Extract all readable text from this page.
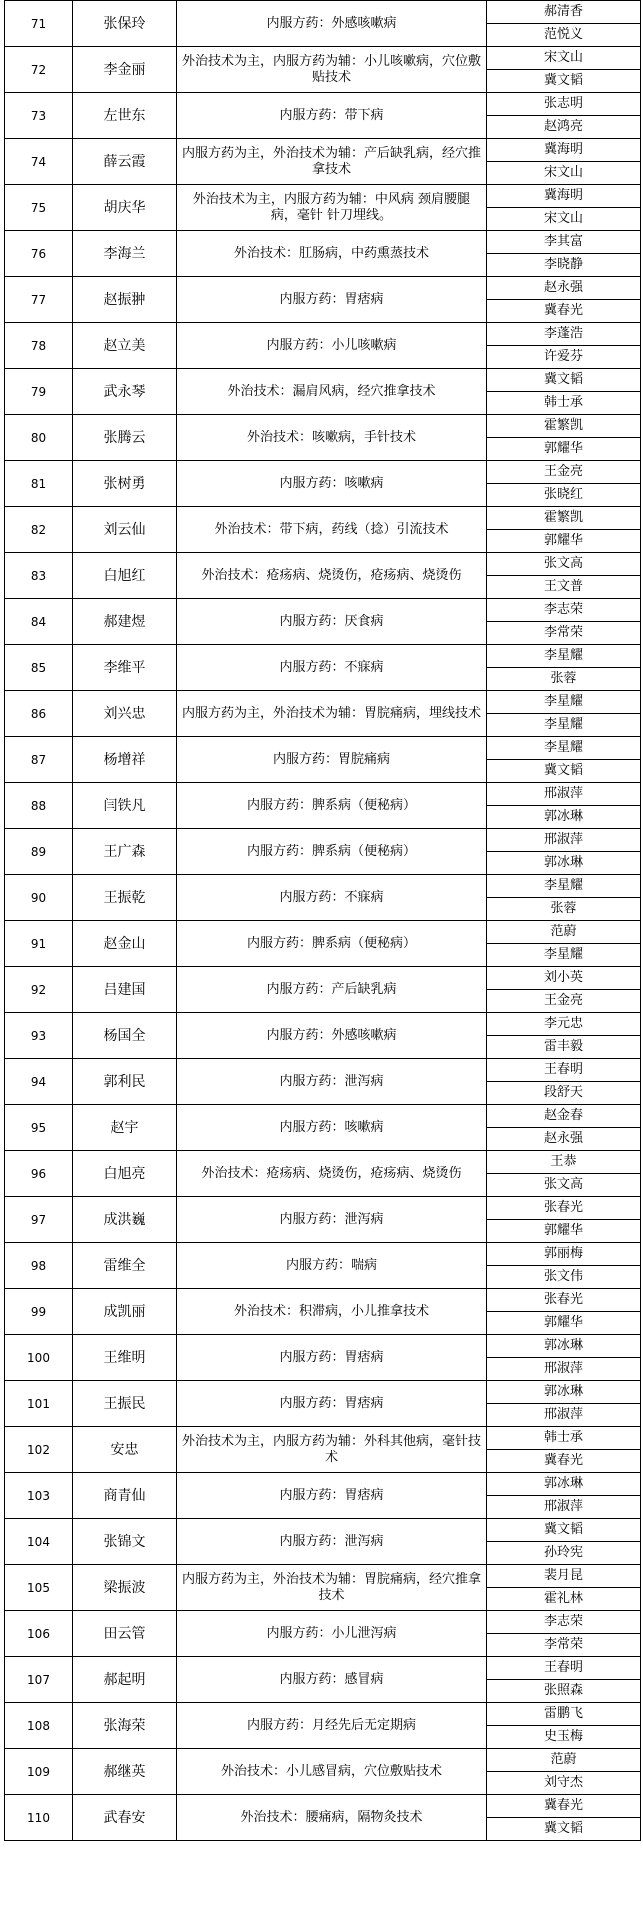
71	张保玲	内服方药：外感咳嗽病	郝清香
			范悦义
72	李金丽	外治技术为主，内服方药为辅：小儿咳嗽病，穴位敷贴技术	宋文山
			冀文韬
73	左世东	内服方药：带下病	张志明
			赵鸿亮
74	薛云霞	内服方药为主，外治技术为辅：产后缺乳病，经穴推拿技术	冀海明
			宋文山
75	胡庆华	外治技术为主，内服方药为辅：中风病 颈肩腰腿病，毫针 针刀埋线。	冀海明
			宋文山
76	李海兰	外治技术：肛肠病，中药熏蒸技术	李其富
			李晓静
77	赵振翀	内服方药：胃痞病	赵永强
			冀春光
78	赵立美	内服方药：小儿咳嗽病	李蓬浩
			许爱芬
79	武永琴	外治技术：漏肩风病，经穴推拿技术	冀文韬
			韩士承
80	张腾云	外治技术：咳嗽病，手针技术	霍繁凯
			郭耀华
81	张树勇	内服方药：咳嗽病	王金亮
			张晓红
82	刘云仙	外治技术：带下病，药线（捻）引流技术	霍繁凯
			郭耀华
83	白旭红	外治技术：疮疡病、烧烫伤，疮疡病、烧烫伤	张文高
			王文普
84	郝建煜	内服方药：厌食病	李志荣
			李常荣
85	李维平	内服方药：不寐病	李星耀
			张蓉
86	刘兴忠	内服方药为主，外治技术为辅：胃脘痛病，埋线技术	李星耀
			李星耀
87	杨增祥	内服方药：胃脘痛病	李星耀
			冀文韬
88	闫铁凡	内服方药：脾系病（便秘病）	邢淑萍
			郭冰琳
89	王广森	内服方药：脾系病（便秘病）	邢淑萍
			郭冰琳
90	王振乾	内服方药：不寐病	李星耀
			张蓉
91	赵金山	内服方药：脾系病（便秘病）	范蔚
			李星耀
92	吕建国	内服方药：产后缺乳病	刘小英
			王金亮
93	杨国全	内服方药：外感咳嗽病	李元忠
			雷丰毅
94	郭利民	内服方药：泄泻病	王春明
			段舒天
95	赵宇	内服方药：咳嗽病	赵金春
			赵永强
96	白旭亮	外治技术：疮疡病、烧烫伤，疮疡病、烧烫伤	王恭
			张文高
97	成洪巍	内服方药：泄泻病	张春光
			郭耀华
98	雷维全	内服方药：喘病	郭丽梅
			张文伟
99	成凯丽	外治技术：积滞病，小儿推拿技术	张春光
			郭耀华
100	王维明	内服方药：胃痞病	郭冰琳
			邢淑萍
101	王振民	内服方药：胃痞病	郭冰琳
			邢淑萍
102	安忠	外治技术为主，内服方药为辅：外科其他病，毫针技术	韩士承
			冀春光
103	商青仙	内服方药：胃痞病	郭冰琳
			邢淑萍
104	张锦文	内服方药：泄泻病	冀文韬
			孙玲宪
105	梁振波	内服方药为主，外治技术为辅：胃脘痛病，经穴推拿技术	裴月昆
			霍礼林
106	田云管	内服方药：小儿泄泻病	李志荣
			李常荣
107	郝起明	内服方药：感冒病	王春明
			张照森
108	张海荣	内服方药：月经先后无定期病	雷鹏飞
			史玉梅
109	郝继英	外治技术：小儿感冒病，穴位敷贴技术	范蔚
			刘守杰
110	武春安	外治技术：腰痛病，隔物灸技术	冀春光
			冀文韬
